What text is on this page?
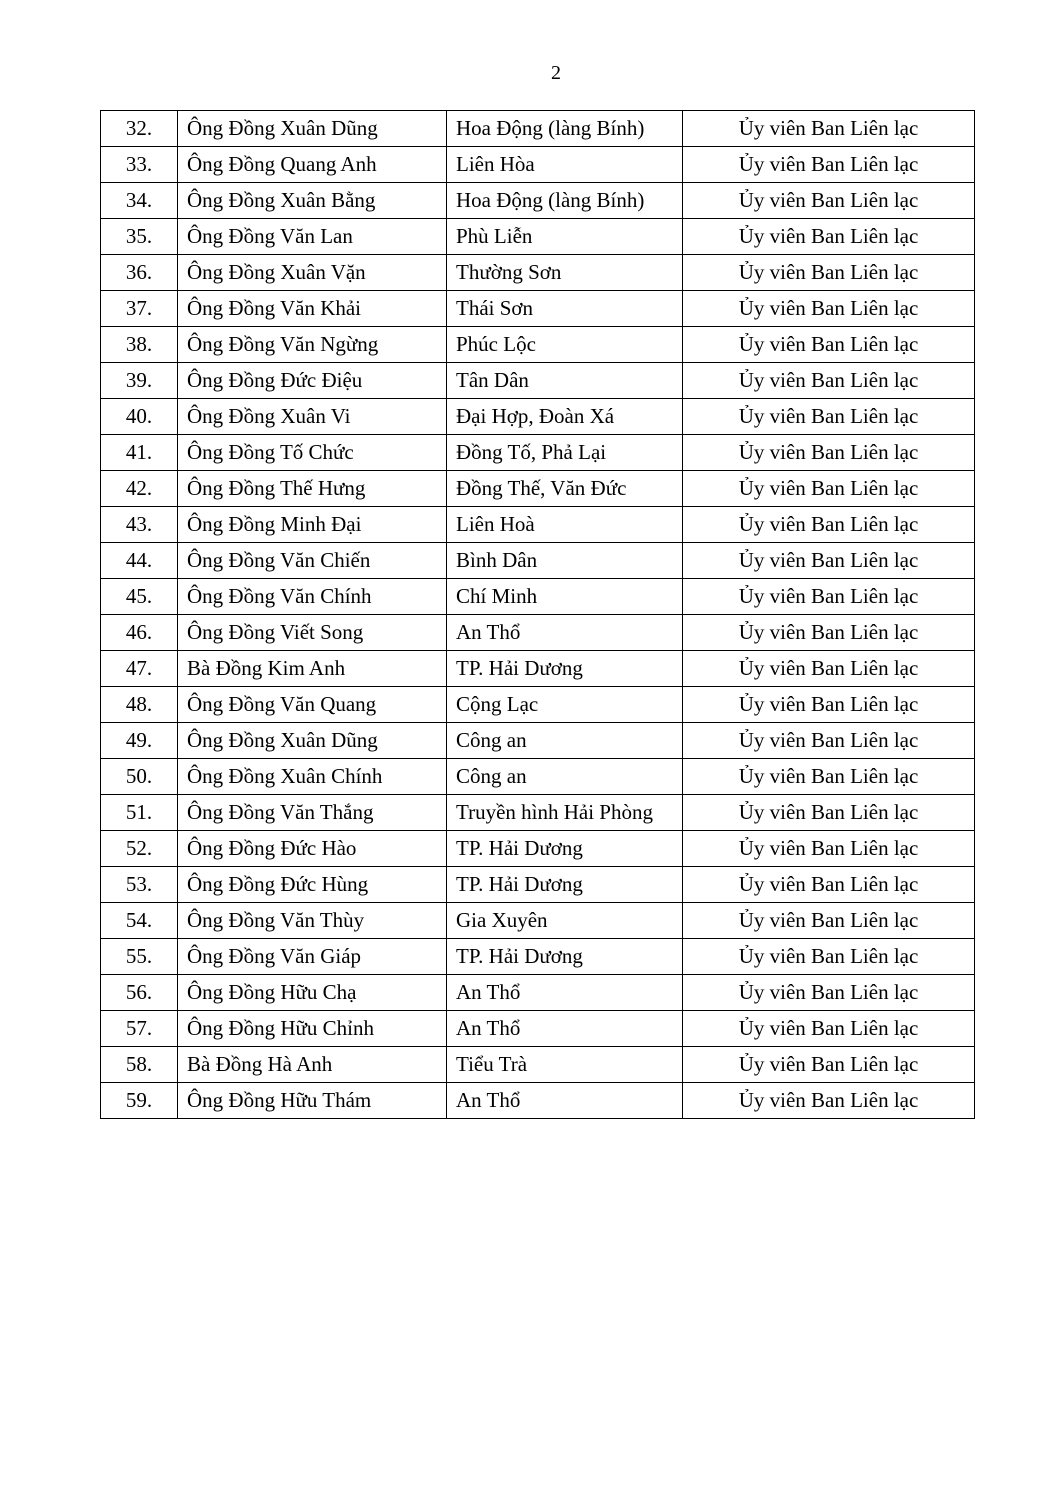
2
32.	Ông Đồng Xuân Dũng	Hoa Động (làng Bính)	Ủy viên Ban Liên lạc
33.	Ông Đồng Quang Anh	Liên Hòa	Ủy viên Ban Liên lạc
34.	Ông Đồng Xuân Bằng	Hoa Động (làng Bính)	Ủy viên Ban Liên lạc
35.	Ông Đồng Văn Lan	Phù Liễn	Ủy viên Ban Liên lạc
36.	Ông Đồng Xuân Vặn	Thường Sơn	Ủy viên Ban Liên lạc
37.	Ông Đồng Văn Khải	Thái Sơn	Ủy viên Ban Liên lạc
38.	Ông Đồng Văn Ngừng	Phúc Lộc	Ủy viên Ban Liên lạc
39.	Ông Đồng Đức Điệu	Tân Dân	Ủy viên Ban Liên lạc
40.	Ông Đồng Xuân Vi	Đại Hợp, Đoàn Xá	Ủy viên Ban Liên lạc
41.	Ông Đồng Tố Chức	Đồng Tố, Phả Lại	Ủy viên Ban Liên lạc
42.	Ông Đồng Thế Hưng	Đồng Thế, Văn Đức	Ủy viên Ban Liên lạc
43.	Ông Đồng Minh Đại	Liên Hoà	Ủy viên Ban Liên lạc
44.	Ông Đồng Văn Chiến	Bình Dân	Ủy viên Ban Liên lạc
45.	Ông Đồng Văn Chính	Chí Minh	Ủy viên Ban Liên lạc
46.	Ông Đồng Viết Song	An Thổ	Ủy viên Ban Liên lạc
47.	Bà Đồng Kim Anh	TP. Hải Dương	Ủy viên Ban Liên lạc
48.	Ông Đồng Văn Quang	Cộng Lạc	Ủy viên Ban Liên lạc
49.	Ông Đồng Xuân Dũng	Công an	Ủy viên Ban Liên lạc
50.	Ông Đồng Xuân Chính	Công an	Ủy viên Ban Liên lạc
51.	Ông Đồng Văn Thắng	Truyền hình Hải Phòng	Ủy viên Ban Liên lạc
52.	Ông Đồng Đức Hào	TP. Hải Dương	Ủy viên Ban Liên lạc
53.	Ông Đồng Đức Hùng	TP. Hải Dương	Ủy viên Ban Liên lạc
54.	Ông Đồng Văn Thùy	Gia Xuyên	Ủy viên Ban Liên lạc
55.	Ông Đồng Văn Giáp	TP. Hải Dương	Ủy viên Ban Liên lạc
56.	Ông Đồng Hữu Chạ	An Thổ	Ủy viên Ban Liên lạc
57.	Ông Đồng Hữu Chỉnh	An Thổ	Ủy viên Ban Liên lạc
58.	Bà Đồng Hà Anh	Tiểu Trà	Ủy viên Ban Liên lạc
59.	Ông Đồng Hữu Thám	An Thổ	Ủy viên Ban Liên lạc
